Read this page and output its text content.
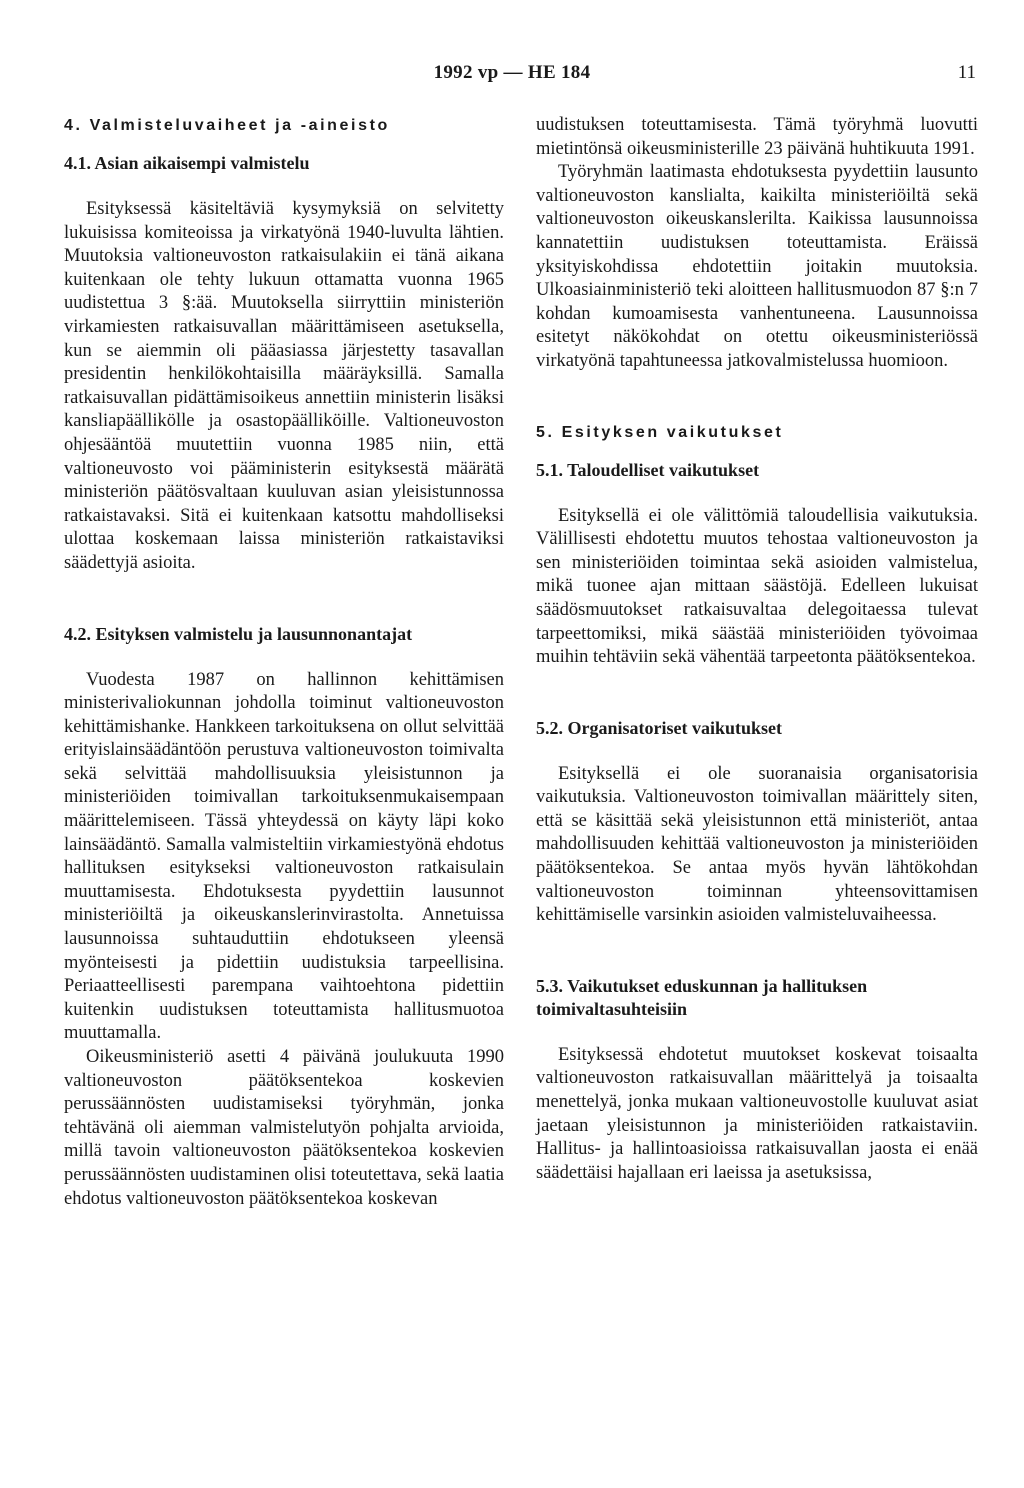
1992 vp — HE 184	11
4. Valmisteluvaiheet ja -aineisto
4.1. Asian aikaisempi valmistelu

Esityksessä käsiteltäviä kysymyksiä on selvitetty lukuisissa komiteoissa ja virkatyönä 1940-luvulta lähtien. Muutoksia valtioneuvoston ratkaisulakiin ei tänä aikana kuitenkaan ole tehty lukuun ottamatta vuonna 1965 uudistettua 3 §:ää. Muutoksella siirryttiin ministeriön virkamiesten ratkaisuvallan määrittämiseen asetuksella, kun se aiemmin oli pääasiassa järjestetty tasavallan presidentin henkilökohtaisilla määräyksillä. Samalla ratkaisuvallan pidättämisoikeus annettiin ministerin lisäksi kansliapäällikölle ja osastopäälliköille. Valtioneuvoston ohjesääntöä muutettiin vuonna 1985 niin, että valtioneuvosto voi pääministerin esityksestä määrätä ministeriön päätösvaltaan kuuluvan asian yleisistunnossa ratkaistavaksi. Sitä ei kuitenkaan katsottu mahdolliseksi ulottaa koskemaan laissa ministeriön ratkaistaviksi säädettyjä asioita.

4.2. Esityksen valmistelu ja lausunnonantajat

Vuodesta 1987 on hallinnon kehittämisen ministerivaliokunnan johdolla toiminut valtioneuvoston kehittämishanke. Hankkeen tarkoituksena on ollut selvittää erityislainsäädäntöön perustuva valtioneuvoston toimivalta sekä selvittää mahdollisuuksia yleisistunnon ja ministeriöiden toimivallan tarkoituksenmukaisempaan määrittelemiseen. Tässä yhteydessä on käyty läpi koko lainsäädäntö. Samalla valmisteltiin virkamiestyönä ehdotus hallituksen esitykseksi valtioneuvoston ratkaisulain muuttamisesta. Ehdotuksesta pyydettiin lausunnot ministeriöiltä ja oikeuskanslerinvirastolta. Annetuissa lausunnoissa suhtauduttiin ehdotukseen yleensä myönteisesti ja pidettiin uudistuksia tarpeellisina. Periaatteellisesti parempana vaihtoehtona pidettiin kuitenkin uudistuksen toteuttamista hallitusmuotoa muuttamalla.

Oikeusministeriö asetti 4 päivänä joulukuuta 1990 valtioneuvoston päätöksentekoa koskevien perussäännösten uudistamiseksi työryhmän, jonka tehtävänä oli aiemman valmistelutyön pohjalta arvioida, millä tavoin valtioneuvoston päätöksentekoa koskevien perussäännösten uudistaminen olisi toteutettava, sekä laatia ehdotus valtioneuvoston päätöksentekoa koskevan

uudistuksen toteuttamisesta. Tämä työryhmä luovutti mietintönsä oikeusministerille 23 päivänä huhtikuuta 1991.

Työryhmän laatimasta ehdotuksesta pyydettiin lausunto valtioneuvoston kanslialta, kaikilta ministeriöiltä sekä valtioneuvoston oikeuskanslerilta. Kaikissa lausunnoissa kannatettiin uudistuksen toteuttamista. Eräissä yksityiskohdissa ehdotettiin joitakin muutoksia. Ulkoasiainministeriö teki aloitteen hallitusmuodon 87 §:n 7 kohdan kumoamisesta vanhentuneena. Lausunnoissa esitetyt näkökohdat on otettu oikeusministeriössä virkatyönä tapahtuneessa jatkovalmistelussa huomioon.

5. Esityksen vaikutukset
5.1. Taloudelliset vaikutukset

Esityksellä ei ole välittömiä taloudellisia vaikutuksia. Välillisesti ehdotettu muutos tehostaa valtioneuvoston ja sen ministeriöiden toimintaa sekä asioiden valmistelua, mikä tuonee ajan mittaan säästöjä. Edelleen lukuisat säädösmuutokset ratkaisuvaltaa delegoitaessa tulevat tarpeettomiksi, mikä säästää ministeriöiden työvoimaa muihin tehtäviin sekä vähentää tarpeetonta päätöksentekoa.

5.2. Organisatoriset vaikutukset

Esityksellä ei ole suoranaisia organisatorisia vaikutuksia. Valtioneuvoston toimivallan määrittely siten, että se käsittää sekä yleisistunnon että ministeriöt, antaa mahdollisuuden kehittää valtioneuvoston ja ministeriöiden päätöksentekoa. Se antaa myös hyvän lähtökohdan valtioneuvoston toiminnan yhteensovittamisen kehittämiselle varsinkin asioiden valmisteluvaiheessa.

5.3. Vaikutukset eduskunnan ja hallituksen toimivaltasuhteisiin

Esityksessä ehdotetut muutokset koskevat toisaalta valtioneuvoston ratkaisuvallan määrittelyä ja toisaalta menettelyä, jonka mukaan valtioneuvostolle kuuluvat asiat jaetaan yleisistunnon ja ministeriöiden ratkaistaviin. Hallitus- ja hallintoasioissa ratkaisuvallan jaosta ei enää säädettäisi hajallaan eri laeissa ja asetuksissa,
